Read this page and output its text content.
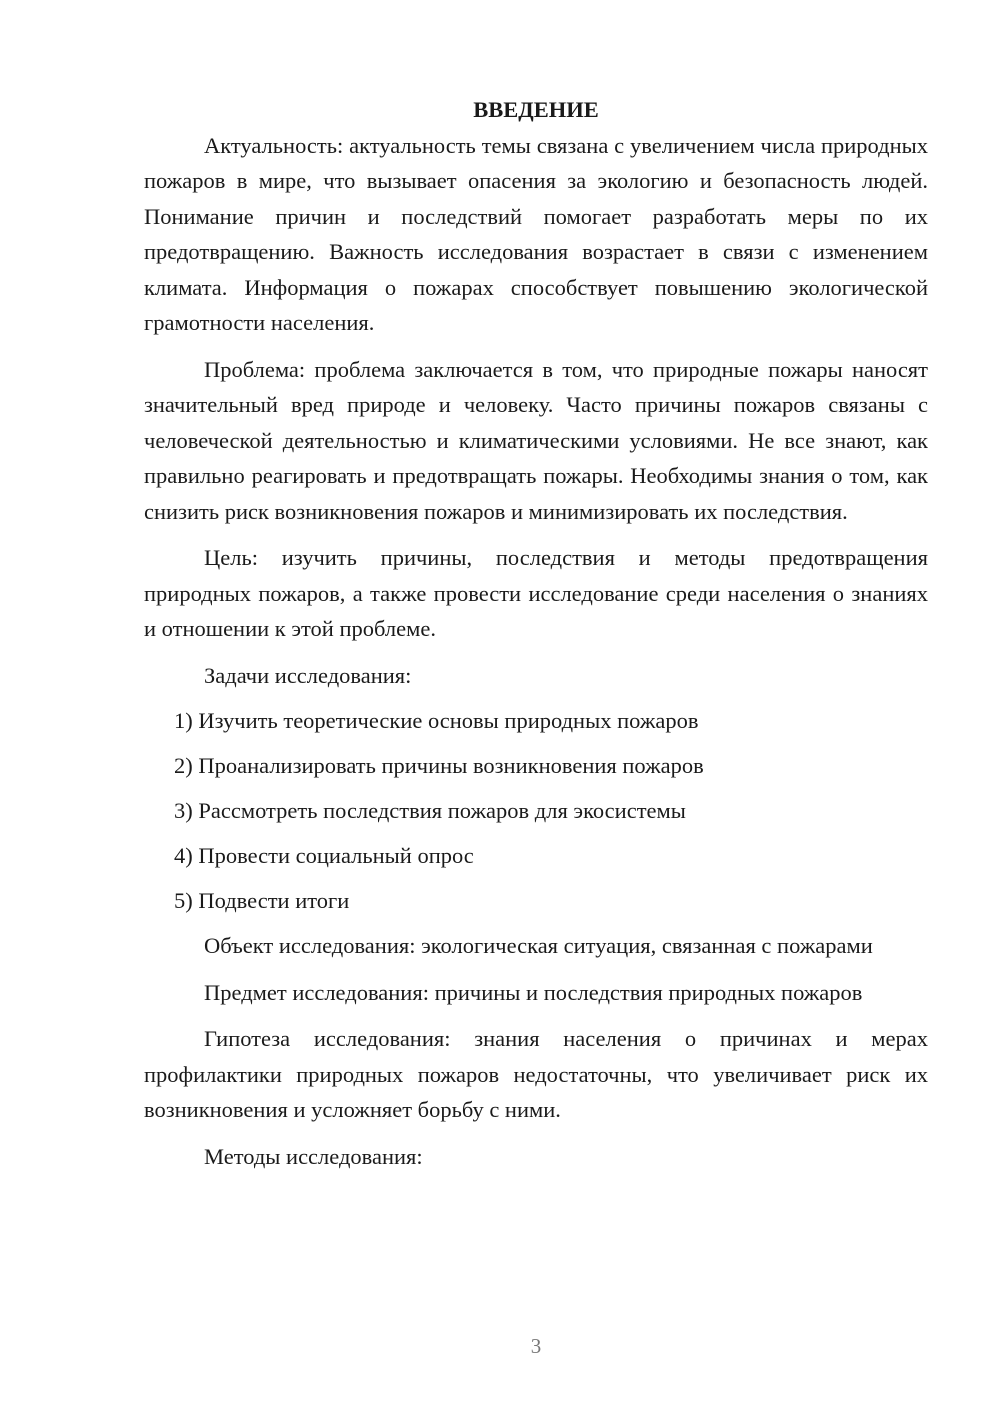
ВВЕДЕНИЕ

Актуальность: актуальность темы связана с увеличением числа природных пожаров в мире, что вызывает опасения за экологию и безопасность людей. Понимание причин и последствий помогает разработать меры по их предотвращению. Важность исследования возрастает в связи с изменением климата. Информация о пожарах способствует повышению экологической грамотности населения.

Проблема: проблема заключается в том, что природные пожары наносят значительный вред природе и человеку. Часто причины пожаров связаны с человеческой деятельностью и климатическими условиями. Не все знают, как правильно реагировать и предотвращать пожары. Необходимы знания о том, как снизить риск возникновения пожаров и минимизировать их последствия.

Цель: изучить причины, последствия и методы предотвращения природных пожаров, а также провести исследование среди населения о знаниях и отношении к этой проблеме.

Задачи исследования:

1) Изучить теоретические основы природных пожаров
2) Проанализировать причины возникновения пожаров
3) Рассмотреть последствия пожаров для экосистемы
4) Провести социальный опрос
5) Подвести итоги

Объект исследования: экологическая ситуация, связанная с пожарами

Предмет исследования: причины и последствия природных пожаров

Гипотеза исследования: знания населения о причинах и мерах профилактики природных пожаров недостаточны, что увеличивает риск их возникновения и усложняет борьбу с ними.

Методы исследования:

3
